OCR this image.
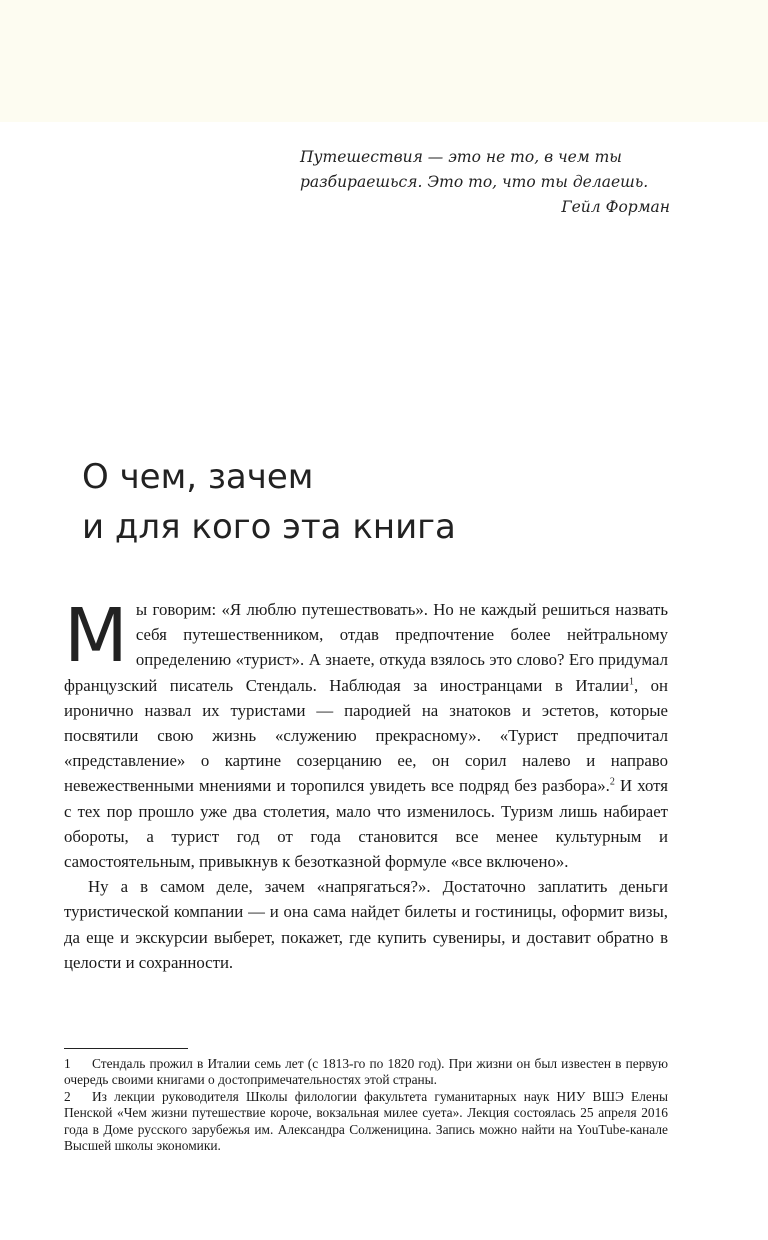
Путешествия — это не то, в чем ты
разбираешься. Это то, что ты делаешь.
Гейл Форман
О чем, зачем
и для кого эта книга

Мы говорим: «Я люблю путешествовать». Но не каждый решиться назвать себя путешественником, отдав предпочтение более нейтральному определению «турист». А знаете, откуда взялось это слово? Его придумал французский писатель Стендаль. Наблюдая за иностранцами в Италии$^1$, он иронично назвал их туристами — пародией на знатоков и эстетов, которые посвятили свою жизнь «служению прекрасному». «Турист предпочитал «представление» о картине созерцанию ее, он сорил налево и направо невежественными мнениями и торопился увидеть все подряд без разбора».$^2$ И хотя с тех пор прошло уже два столетия, мало что изменилось. Туризм лишь набирает обороты, а турист год от года становится все менее культурным и самостоятельным, привыкнув к безотказной формуле «все включено».

Ну а в самом деле, зачем «напрягаться?». Достаточно заплатить деньги туристической компании — и она сама найдет билеты и гостиницы, оформит визы, да еще и экскурсии выберет, покажет, где купить сувениры, и доставит обратно в целости и сохранности.

1 Стендаль прожил в Италии семь лет (с 1813-го по 1820 год). При жизни он был известен в первую очередь своими книгами о достопримечательностях этой страны.

2 Из лекции руководителя Школы филологии факультета гуманитарных наук НИУ ВШЭ Елены Пенской «Чем жизни путешествие короче, вокзальная милее суета». Лекция состоялась 25 апреля 2016 года в Доме русского зарубежья им. Александра Солженицина. Запись можно найти на YouTube-канале Высшей школы экономики.
